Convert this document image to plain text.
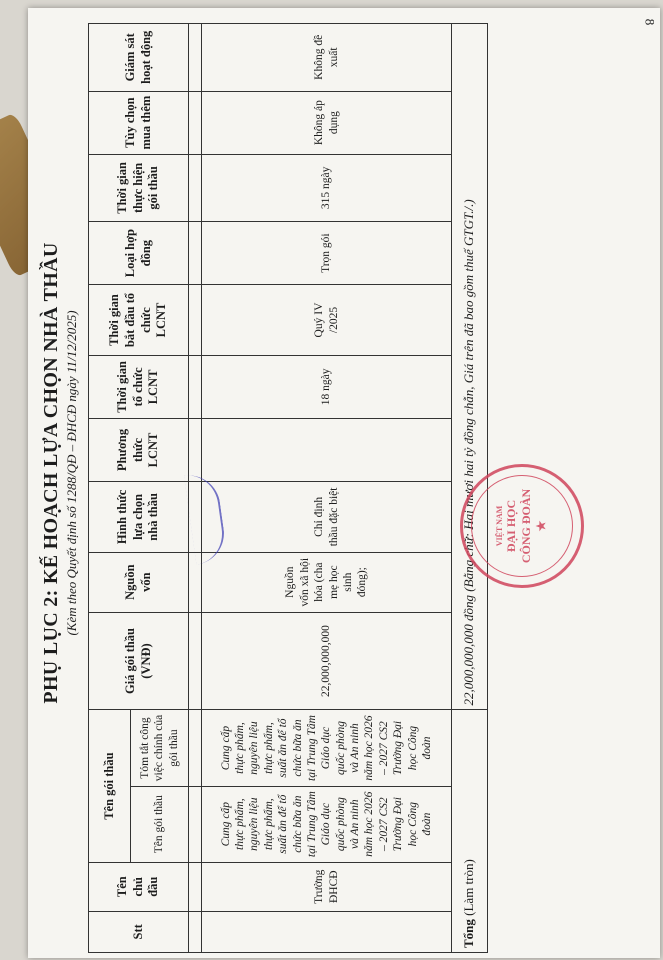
8
PHỤ LỤC 2: KẾ HOẠCH LỰA CHỌN NHÀ THẦU (Kèm theo Quyết định số 1288/QĐ – ĐHCĐ ngày 11/12/2025)
Stt	Tên chủ đầu	Tên gói thầu		Giá gói thầu (VNĐ)	Nguồn vốn	Hình thức lựa chọn nhà thầu	Phương thức LCNT	Thời gian tổ chức LCNT	Thời gian bắt đầu tổ chức LCNT	Loại hợp đồng	Thời gian thực hiện gói thầu	Tùy chọn mua thêm	Giám sát hoạt động
		Tên gói thầu	Tóm tắt công việc chính của gói thầu										

	Trường ĐHCĐ	Cung cấp thực phẩm, nguyên liệu thực phẩm, suất ăn để tổ chức bữa ăn tại Trung Tâm Giáo dục quốc phòng và An ninh năm học 2026 – 2027 CS2 Trường Đại học Công đoàn	Cung cấp thực phẩm, nguyên liệu thực phẩm, suất ăn để tổ chức bữa ăn tại Trung Tâm Giáo dục quốc phòng và An ninh năm học 2026 – 2027 CS2 Trường Đại học Công đoàn	22,000,000,000	Nguồn vốn xã hội hóa (cha mẹ học sinh đóng);	Chỉ định thầu đặc biệt		18 ngày	Quý IV /2025	Trọn gói	315 ngày	Không áp dụng	Không đề xuất
Tổng (Làm tròn)				22,000,000,000 đồng (Bằng chữ: Hai mươi hai tỷ đồng chẵn, Giá trên đã bao gồm thuế GTGT./.)									VIỆT NAM ĐẠI HỌC CÔNG ĐOÀN ★
